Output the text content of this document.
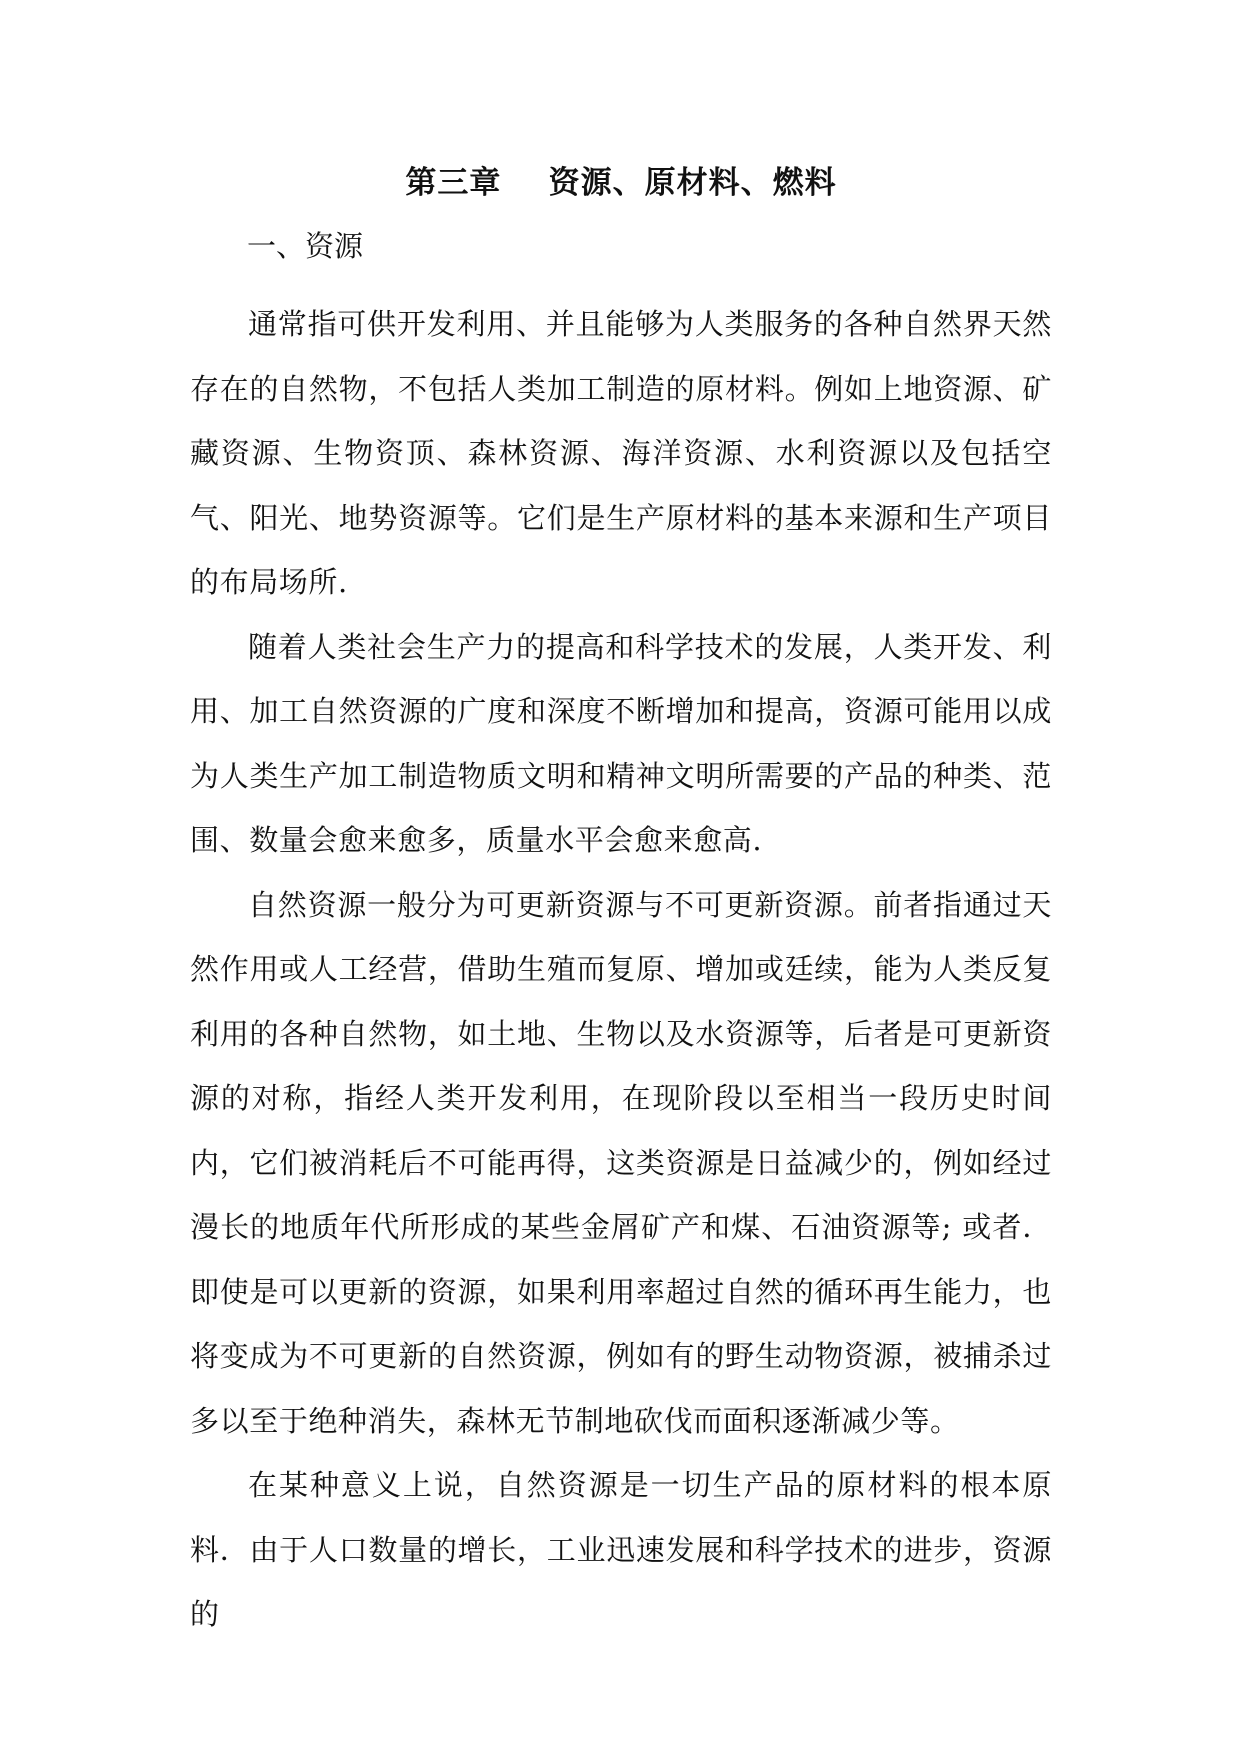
第三章    资源、原材料、燃料
一、资源

通常指可供开发利用、并且能够为人类服务的各种自然界天然存在的自然物，不包括人类加工制造的原材料。例如上地资源、矿藏资源、生物资顶、森林资源、海洋资源、水利资源以及包括空气、阳光、地势资源等。它们是生产原材料的基本来源和生产项目的布局场所.

随着人类社会生产力的提高和科学技术的发展，人类开发、利用、加工自然资源的广度和深度不断增加和提高，资源可能用以成为人类生产加工制造物质文明和精神文明所需要的产品的种类、范围、数量会愈来愈多，质量水平会愈来愈高.

自然资源一般分为可更新资源与不可更新资源。前者指通过天然作用或人工经营，借助生殖而复原、增加或廷续，能为人类反复利用的各种自然物，如土地、生物以及水资源等，后者是可更新资源的对称，指经人类开发利用，在现阶段以至相当一段历史时间内，它们被消耗后不可能再得，这类资源是日益减少的，例如经过漫长的地质年代所形成的某些金屑矿产和煤、石油资源等; 或者．即使是可以更新的资源，如果利用率超过自然的循环再生能力，也将变成为不可更新的自然资源，例如有的野生动物资源，被捕杀过多以至于绝种消失，森林无节制地砍伐而面积逐渐减少等。

在某种意义上说，自然资源是一切生产品的原材料的根本原料．由于人口数量的增长，工业迅速发展和科学技术的进步，资源的
